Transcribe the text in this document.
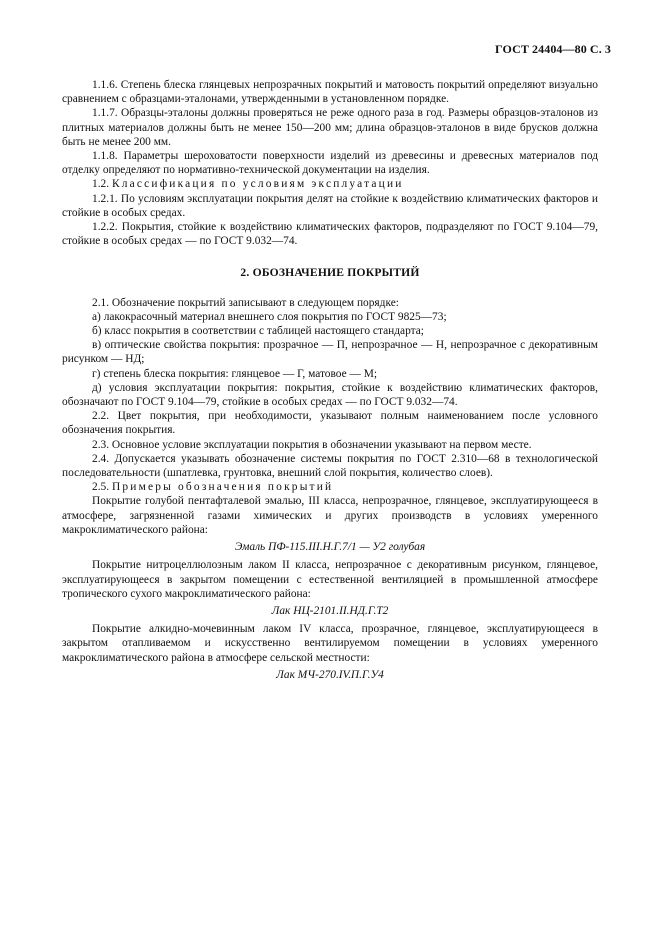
ГОСТ 24404—80 С. 3

1.1.6. Степень блеска глянцевых непрозрачных покрытий и матовость покрытий определяют визуально сравнением с образцами-эталонами, утвержденными в установленном порядке.

1.1.7. Образцы-эталоны должны проверяться не реже одного раза в год. Размеры образцов-эталонов из плитных материалов должны быть не менее 150—200 мм; длина образцов-эталонов в виде брусков должна быть не менее 200 мм.

1.1.8. Параметры шероховатости поверхности изделий из древесины и древесных материалов под отделку определяют по нормативно-технической документации на изделия.

1.2. Классификация по условиям эксплуатации

1.2.1. По условиям эксплуатации покрытия делят на стойкие к воздействию климатических факторов и стойкие в особых средах.

1.2.2. Покрытия, стойкие к воздействию климатических факторов, подразделяют по ГОСТ 9.104—79, стойкие в особых средах — по ГОСТ 9.032—74.

2. ОБОЗНАЧЕНИЕ ПОКРЫТИЙ

2.1. Обозначение покрытий записывают в следующем порядке:

а) лакокрасочный материал внешнего слоя покрытия по ГОСТ 9825—73;

б) класс покрытия в соответствии с таблицей настоящего стандарта;

в) оптические свойства покрытия: прозрачное — П, непрозрачное — Н, непрозрачное с декоративным рисунком — НД;

г) степень блеска покрытия: глянцевое — Г, матовое — М;

д) условия эксплуатации покрытия: покрытия, стойкие к воздействию климатических факторов, обозначают по ГОСТ 9.104—79, стойкие в особых средах — по ГОСТ 9.032—74.

2.2. Цвет покрытия, при необходимости, указывают полным наименованием после условного обозначения покрытия.

2.3. Основное условие эксплуатации покрытия в обозначении указывают на первом месте.

2.4. Допускается указывать обозначение системы покрытия по ГОСТ 2.310—68 в технологической последовательности (шпатлевка, грунтовка, внешний слой покрытия, количество слоев).

2.5. Примеры обозначения покрытий

Покрытие голубой пентафталевой эмалью, III класса, непрозрачное, глянцевое, эксплуатирующееся в атмосфере, загрязненной газами химических и других производств в условиях умеренного макроклиматического района:

Эмаль ПФ-115.III.Н.Г.7/1 — У2 голубая

Покрытие нитроцеллюлозным лаком II класса, непрозрачное с декоративным рисунком, глянцевое, эксплуатирующееся в закрытом помещении с естественной вентиляцией в промышленной атмосфере тропического сухого макроклиматического района:

Лак НЦ-2101.II.НД.Г.Т2

Покрытие алкидно-мочевинным лаком IV класса, прозрачное, глянцевое, эксплуатирующееся в закрытом отапливаемом и искусственно вентилируемом помещении в условиях умеренного макроклиматического района в атмосфере сельской местности:

Лак МЧ-270.IV.П.Г.У4
